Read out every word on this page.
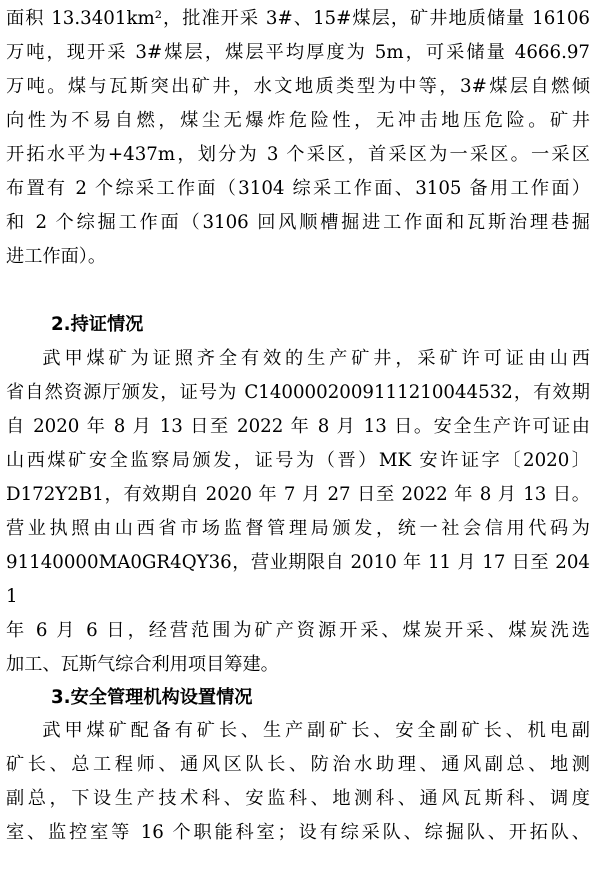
面积 13.3401km²，批准开采 3#、15#煤层，矿井地质储量 16106
万吨，现开采 3#煤层，煤层平均厚度为 5m，可采储量 4666.97
万吨。煤与瓦斯突出矿井，水文地质类型为中等，3#煤层自燃倾
向性为不易自燃，煤尘无爆炸危险性，无冲击地压危险。矿井
开拓水平为+437m，划分为 3 个采区，首采区为一采区。一采区
布置有 2 个综采工作面（3104 综采工作面、3105 备用工作面）
和 2 个综掘工作面（3106 回风顺槽掘进工作面和瓦斯治理巷掘
进工作面）。

2.持证情况

武甲煤矿为证照齐全有效的生产矿井，采矿许可证由山西
省自然资源厅颁发，证号为 C1400002009111210044532，有效期
自 2020 年 8 月 13 日至 2022 年 8 月 13 日。安全生产许可证由
山西煤矿安全监察局颁发，证号为（晋）MK 安许证字〔2020〕
D172Y2B1，有效期自 2020 年 7 月 27 日至 2022 年 8 月 13 日。
营业执照由山西省市场监督管理局颁发，统一社会信用代码为
91140000MA0GR4QY36，营业期限自 2010 年 11 月 17 日至 2041
年 6 月 6 日，经营范围为矿产资源开采、煤炭开采、煤炭洗选
加工、瓦斯气综合利用项目筹建。

3.安全管理机构设置情况

武甲煤矿配备有矿长、生产副矿长、安全副矿长、机电副
矿长、总工程师、通风区队长、防治水助理、通风副总、地测
副总，下设生产技术科、安监科、地测科、通风瓦斯科、调度
室、监控室等 16 个职能科室；设有综采队、综掘队、开拓队、
